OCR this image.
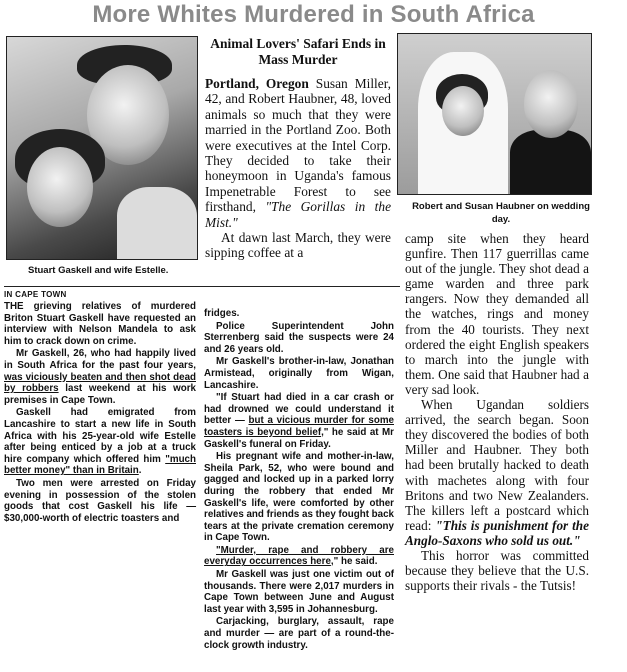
More Whites Murdered in South Africa
Stuart Gaskell and wife Estelle.
Robert and Susan Haubner on wedding day.
Animal Lovers' Safari Ends in Mass Murder

Portland, Oregon Susan Miller, 42, and Robert Haubner, 48, loved animals so much that they were married in the Portland Zoo. Both were executives at the Intel Corp. They decided to take their honeymoon in Uganda's famous Impenetrable Forest to see firsthand, "The Gorillas in the Mist."

At dawn last March, they were sipping coffee at a

IN CAPE TOWN

THE grieving relatives of murdered Briton Stuart Gaskell have requested an interview with Nelson Mandela to ask him to crack down on crime.

Mr Gaskell, 26, who had happily lived in South Africa for the past four years, was viciously beaten and then shot dead by robbers last weekend at his work premises in Cape Town.

Gaskell had emigrated from Lancashire to start a new life in South Africa with his 25-year-old wife Estelle after being enticed by a job at a truck hire company which offered him "much better money" than in Britain.

Two men were arrested on Friday evening in possession of the stolen goods that cost Gaskell his life — $30,000-worth of electric toasters and

fridges.

Police Superintendent John Sterrenberg said the suspects were 24 and 26 years old.

Mr Gaskell's brother-in-law, Jonathan Armistead, originally from Wigan, Lancashire.

"If Stuart had died in a car crash or had drowned we could understand it better — but a vicious murder for some toasters is beyond belief," he said at Mr Gaskell's funeral on Friday.

His pregnant wife and mother-in-law, Sheila Park, 52, who were bound and gagged and locked up in a parked lorry during the robbery that ended Mr Gaskell's life, were comforted by other relatives and friends as they fought back tears at the private cremation ceremony in Cape Town.

"Murder, rape and robbery are everyday occurrences here," he said.

Mr Gaskell was just one victim out of thousands. There were 2,017 murders in Cape Town between June and August last year with 3,595 in Johannesburg.

Carjacking, burglary, assault, rape and murder — are part of a round-the-clock growth industry.

camp site when they heard gunfire. Then 117 guerrillas came out of the jungle. They shot dead a game warden and three park rangers. Now they demanded all the watches, rings and money from the 40 tourists. They next ordered the eight English speakers to march into the jungle with them. One said that Haubner had a very sad look.

When Ugandan soldiers arrived, the search began. Soon they discovered the bodies of both Miller and Haubner. They both had been brutally hacked to death with machetes along with four Britons and two New Zealanders. The killers left a postcard which read: "This is punishment for the Anglo-Saxons who sold us out."

This horror was committed because they believe that the U.S. supports their rivals - the Tutsis!
